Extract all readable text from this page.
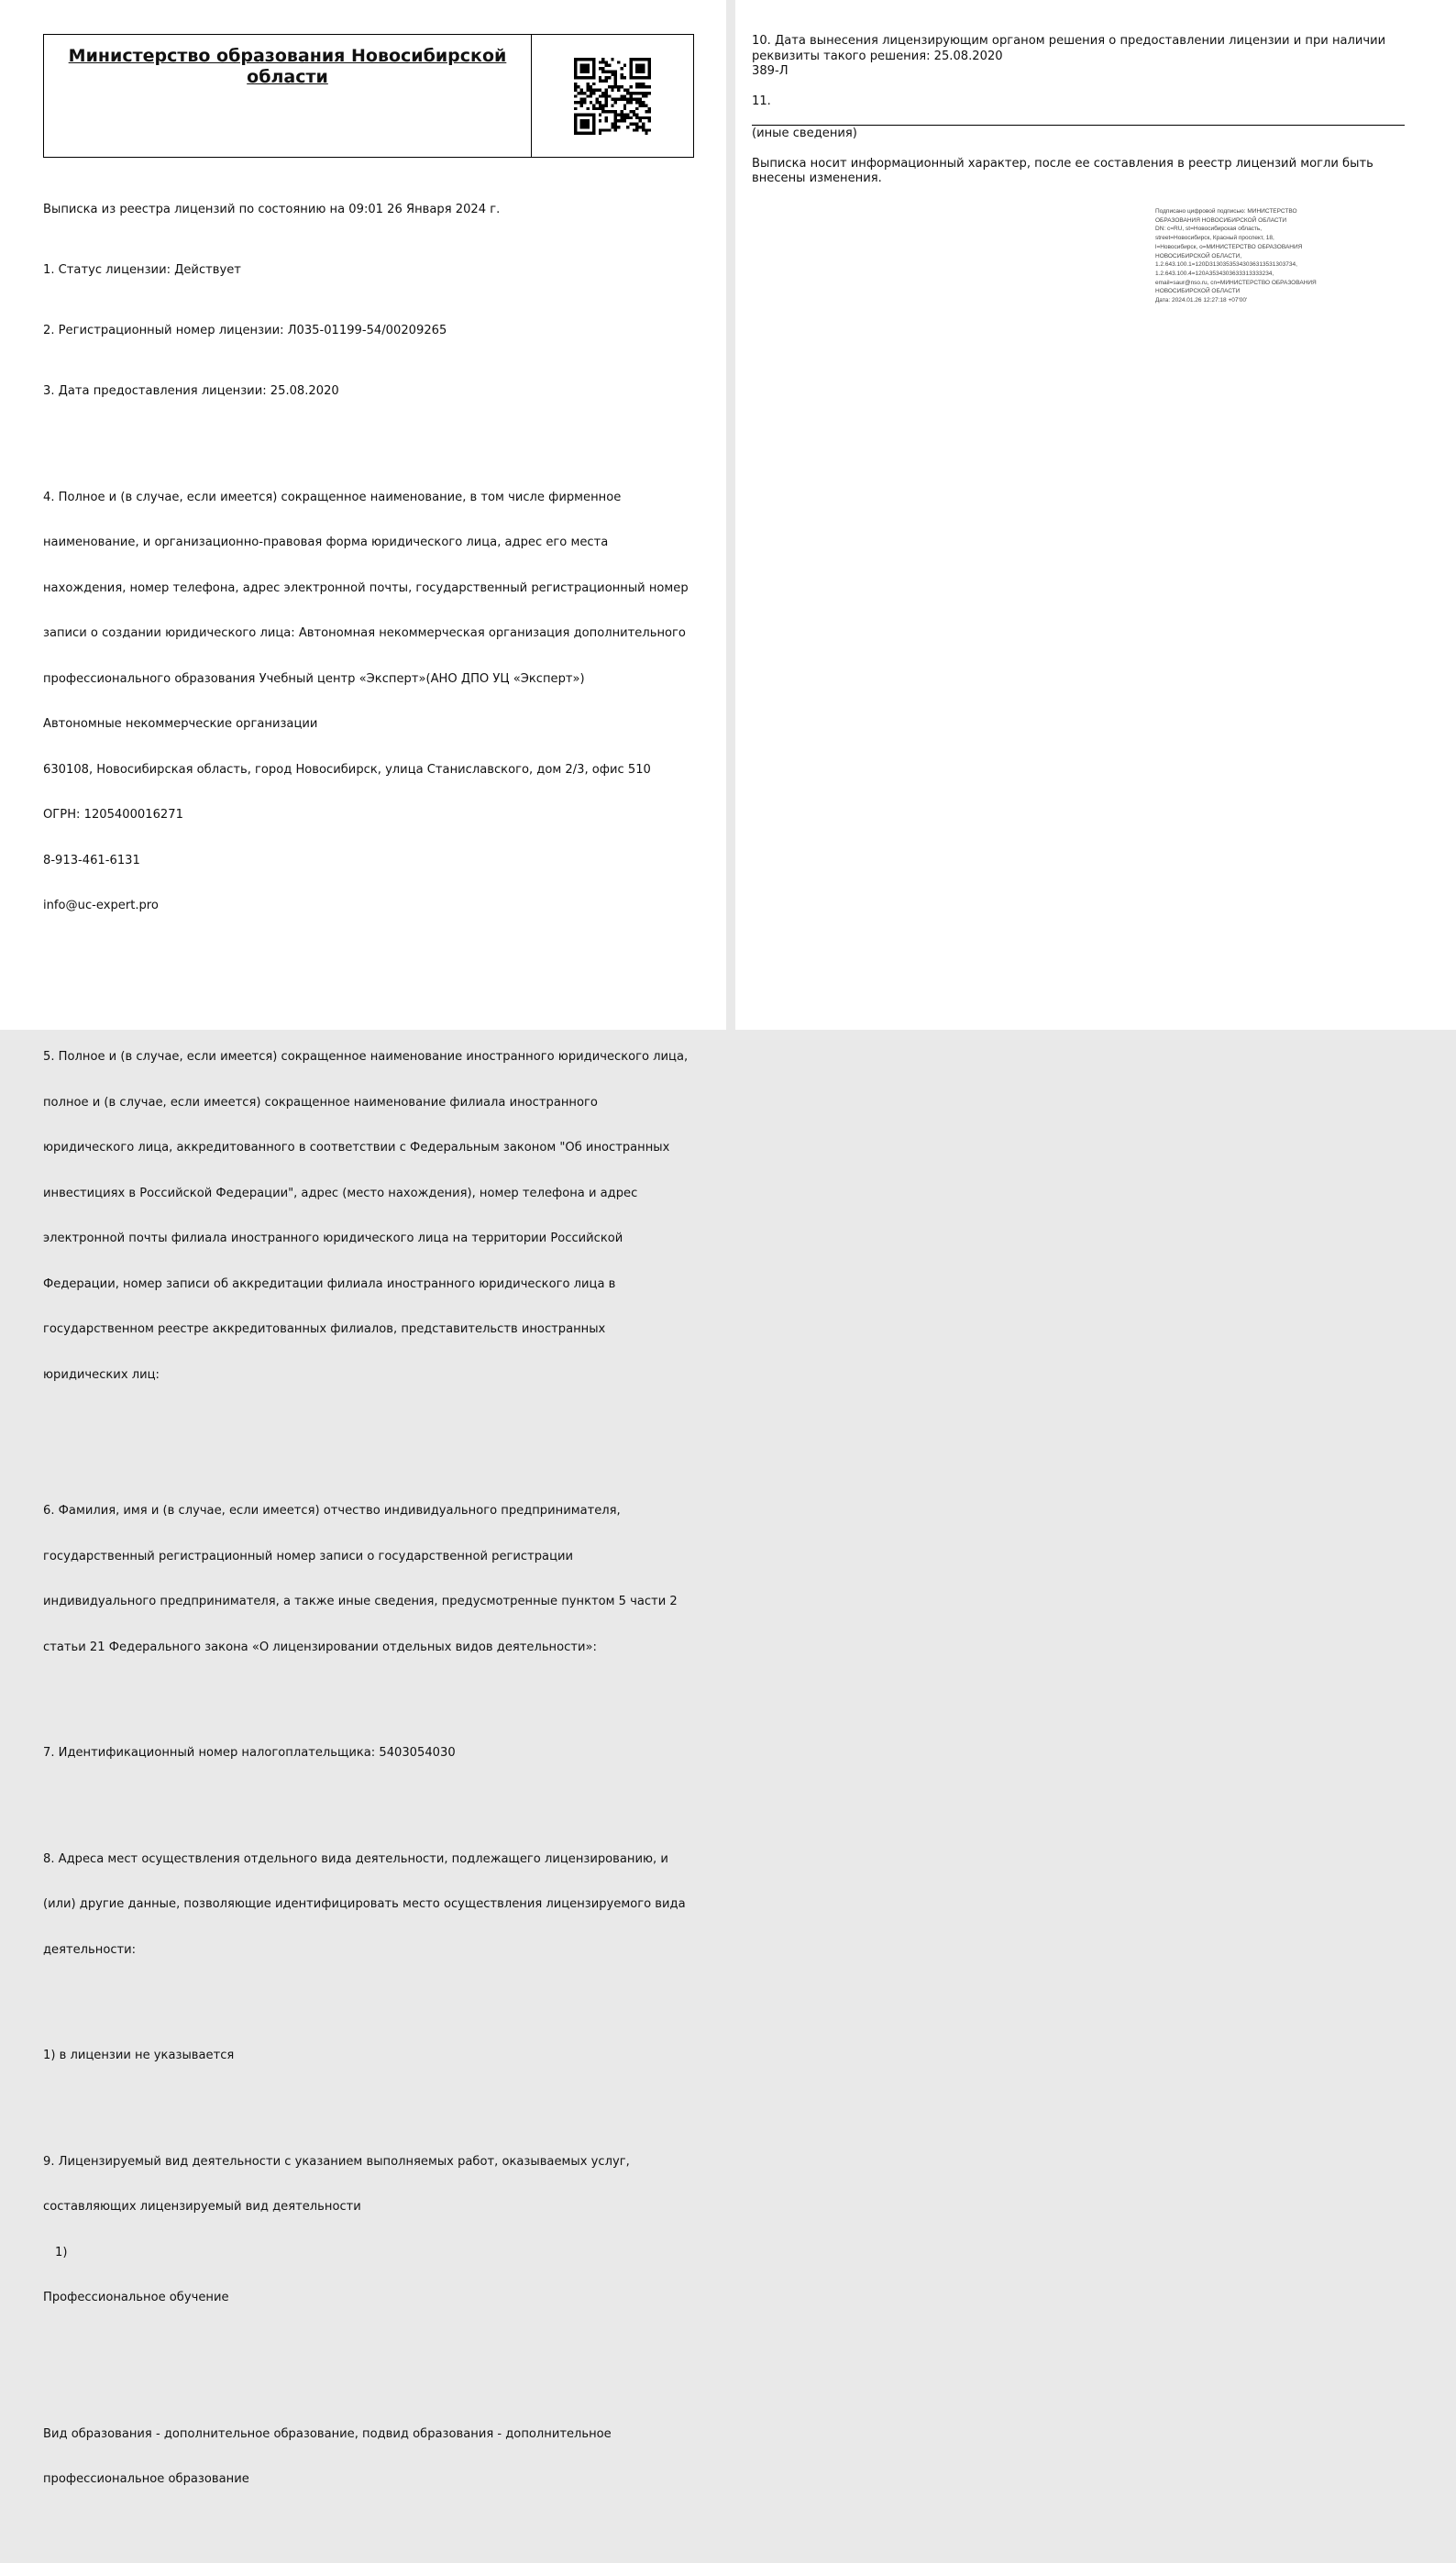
Министерство образования Новосибирской области

Выписка из реестра лицензий по состоянию на 09:01 26 Января 2024 г.

1. Статус лицензии: Действует

2. Регистрационный номер лицензии: Л035-01199-54/00209265

3. Дата предоставления лицензии: 25.08.2020

4. Полное и (в случае, если имеется) сокращенное наименование, в том числе фирменное

наименование, и организационно-правовая форма юридического лица, адрес его места

нахождения, номер телефона, адрес электронной почты, государственный регистрационный номер

записи о создании юридического лица: Автономная некоммерческая организация дополнительного

профессионального образования Учебный центр «Эксперт»(АНО ДПО УЦ «Эксперт»)

Автономные некоммерческие организации

630108, Новосибирская область, город Новосибирск, улица Станиславского, дом 2/3, офис 510

ОГРН: 1205400016271

8-913-461-6131

info@uc-expert.pro

5. Полное и (в случае, если имеется) сокращенное наименование иностранного юридического лица,

полное и (в случае, если имеется) сокращенное наименование филиала иностранного

юридического лица, аккредитованного в соответствии с Федеральным законом "Об иностранных

инвестициях в Российской Федерации", адрес (место нахождения), номер телефона и адрес

электронной почты филиала иностранного юридического лица на территории Российской

Федерации, номер записи об аккредитации филиала иностранного юридического лица в

государственном реестре аккредитованных филиалов, представительств иностранных

юридических лиц:

6. Фамилия, имя и (в случае, если имеется) отчество индивидуального предпринимателя,

государственный регистрационный номер записи о государственной регистрации

индивидуального предпринимателя, а также иные сведения, предусмотренные пунктом 5 части 2

статьи 21 Федерального закона «О лицензировании отдельных видов деятельности»:

7. Идентификационный номер налогоплательщика: 5403054030

8. Адреса мест осуществления отдельного вида деятельности, подлежащего лицензированию, и

(или) другие данные, позволяющие идентифицировать место осуществления лицензируемого вида

деятельности:

1) в лицензии не указывается

9. Лицензируемый вид деятельности с указанием выполняемых работ, оказываемых услуг,

составляющих лицензируемый вид деятельности

1)

Профессиональное обучение

Вид образования - дополнительное образование, подвид образования - дополнительное

профессиональное образование

10. Дата вынесения лицензирующим органом решения о предоставлении лицензии и при наличии
реквизиты такого решения: 25.08.2020
389-Л
11.
(иные сведения)
Выписка носит информационный характер, после ее составления в реестр лицензий могли быть
внесены изменения.
Подписано цифровой подписью: МИНИСТЕРСТВО
ОБРАЗОВАНИЯ НОВОСИБИРСКОЙ ОБЛАСТИ
DN: c=RU, st=Новосибирская область,
street=Новосибирск, Красный проспект, 18,
l=Новосибирск, o=МИНИСТЕРСТВО ОБРАЗОВАНИЯ
НОВОСИБИРСКОЙ ОБЛАСТИ,
1.2.643.100.1=120D3130353534303631353130373​4,
1.2.643.100.4=120A3534303633313333234,
email=saur@nso.ru, cn=МИНИСТЕРСТВО ОБРАЗОВАНИЯ
НОВОСИБИРСКОЙ ОБЛАСТИ
Дата: 2024.01.26 12:27:18 +07'00'
